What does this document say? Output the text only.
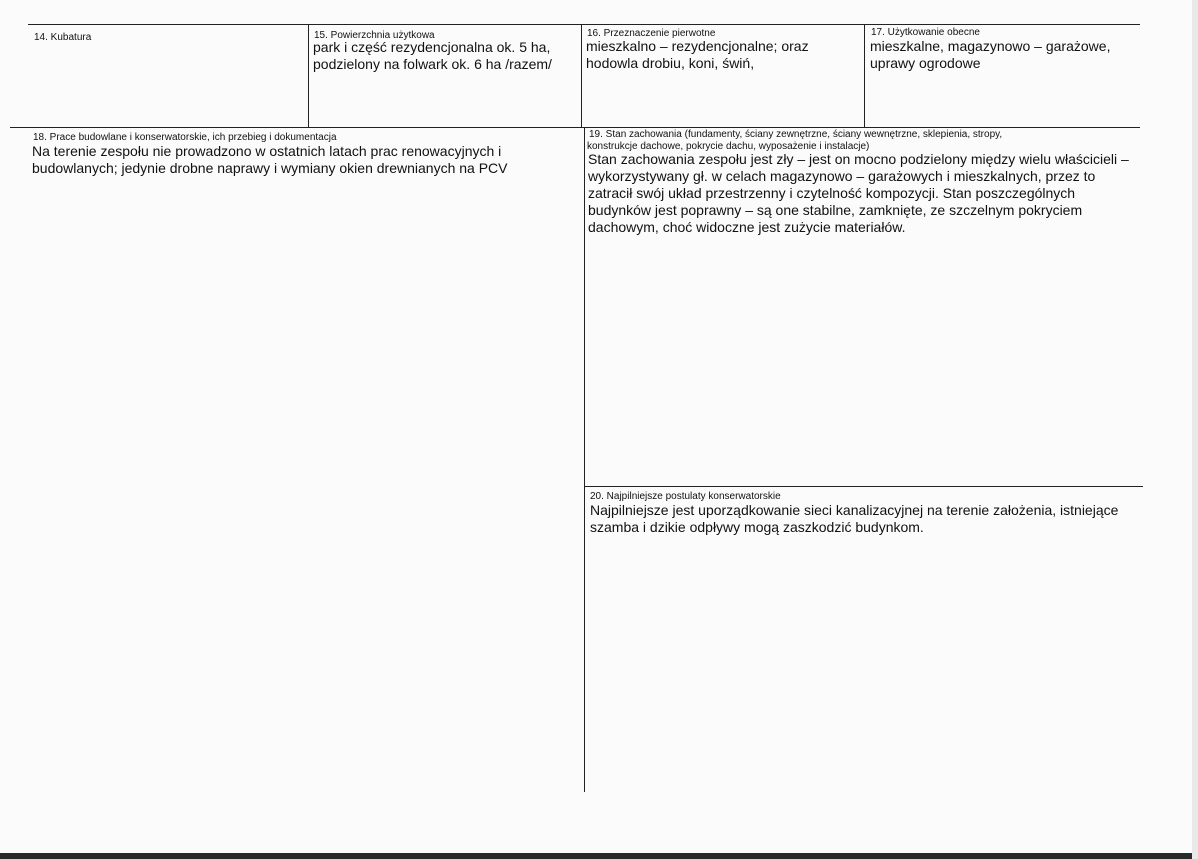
14. Kubatura	15. Powierzchnia użytkowa
park i część rezydencjonalna ok. 5 ha, podzielony na folwark ok. 6 ha /razem/
16. Przeznaczenie pierwotne
mieszkalno – rezydencjonalne; oraz hodowla drobiu, koni, świń,
17. Użytkowanie obecne
mieszkalne, magazynowo – garażowe, uprawy ogrodowe
18. Prace budowlane i konserwatorskie, ich przebieg i dokumentacja
Na terenie zespołu nie prowadzono w ostatnich latach prac renowacyjnych i budowlanych; jedynie drobne naprawy i wymiany okien drewnianych na PCV
19. Stan zachowania (fundamenty, ściany zewnętrzne, ściany wewnętrzne, sklepienia, stropy,
konstrukcje dachowe, pokrycie dachu, wyposażenie i instalacje)
Stan zachowania zespołu jest zły – jest on mocno podzielony między wielu właścicieli – wykorzystywany gł. w celach magazynowo – garażowych i mieszkalnych, przez to zatracił swój układ przestrzenny i czytelność kompozycji. Stan poszczególnych budynków jest poprawny – są one stabilne, zamknięte, ze szczelnym pokryciem dachowym, choć widoczne jest zużycie materiałów.
20. Najpilniejsze postulaty konserwatorskie
Najpilniejsze jest uporządkowanie sieci kanalizacyjnej na terenie założenia, istniejące szamba i dzikie odpływy mogą zaszkodzić budynkom.
